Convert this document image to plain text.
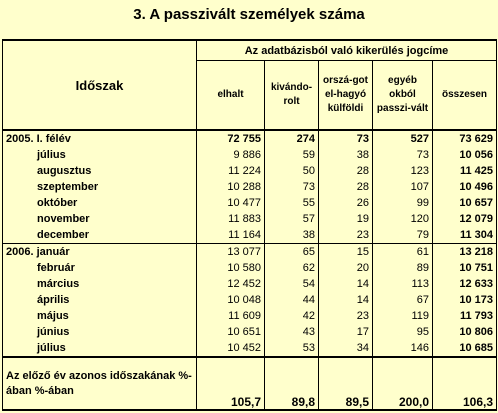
3. A passzivált személyek száma
Időszak	Az adatbázisból való kikerülés jogcíme				
	elhalt	kivándo-rolt	orszá-got el-hagyó külföldi	egyéb okból passzi-vált	összesen
2005. I. félév	72 755	274	73	527	73 629
július	9 886	59	38	73	10 056
augusztus	11 224	50	28	123	11 425
szeptember	10 288	73	28	107	10 496
október	10 477	55	26	99	10 657
november	11 883	57	19	120	12 079
december	11 164	38	23	79	11 304
2006. január	13 077	65	15	61	13 218
február	10 580	62	20	89	10 751
március	12 452	54	14	113	12 633
április	10 048	44	14	67	10 173
május	11 609	42	23	119	11 793
június	10 651	43	17	95	10 806
július	10 452	53	34	146	10 685
Az előző év azonos időszakának %-ában %-ában	105,7	89,8	89,5	200,0	106,3
